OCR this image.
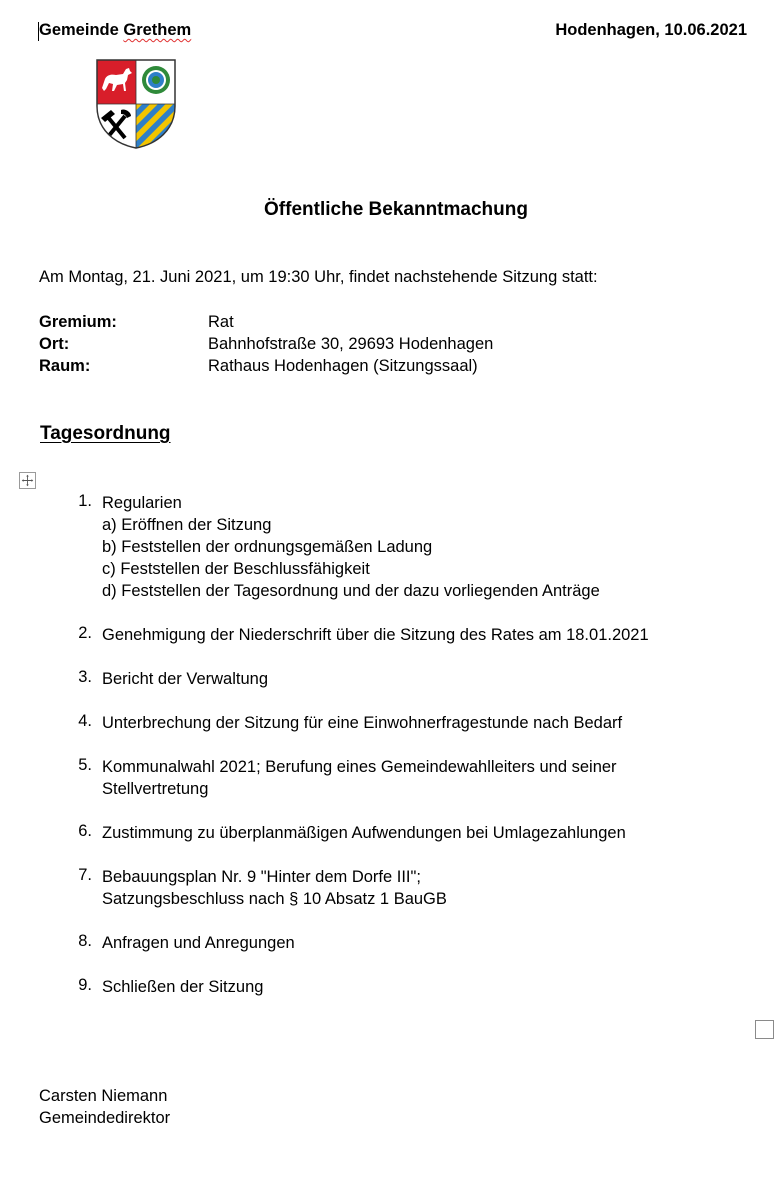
Gemeinde Grethem	Hodenhagen, 10.06.2021
Öffentliche Bekanntmachung
Am Montag, 21. Juni 2021, um 19:30 Uhr, findet nachstehende Sitzung statt:
Gremium:	Rat
Ort:	Bahnhofstraße 30, 29693 Hodenhagen
Raum:	Rathaus Hodenhagen (Sitzungssaal)
Tagesordnung
1. Regularien
a) Eröffnen der Sitzung
b) Feststellen der ordnungsgemäßen Ladung
c) Feststellen der Beschlussfähigkeit
d) Feststellen der Tagesordnung und der dazu vorliegenden Anträge
2. Genehmigung der Niederschrift über die Sitzung des Rates am 18.01.2021
3. Bericht der Verwaltung
4. Unterbrechung der Sitzung für eine Einwohnerfragestunde nach Bedarf
5. Kommunalwahl 2021; Berufung eines Gemeindewahlleiters und seiner
Stellvertretung
6. Zustimmung zu überplanmäßigen Aufwendungen bei Umlagezahlungen
7. Bebauungsplan Nr. 9 "Hinter dem Dorfe III";
Satzungsbeschluss nach § 10 Absatz 1 BauGB
8. Anfragen und Anregungen
9. Schließen der Sitzung
Carsten Niemann
Gemeindedirektor
